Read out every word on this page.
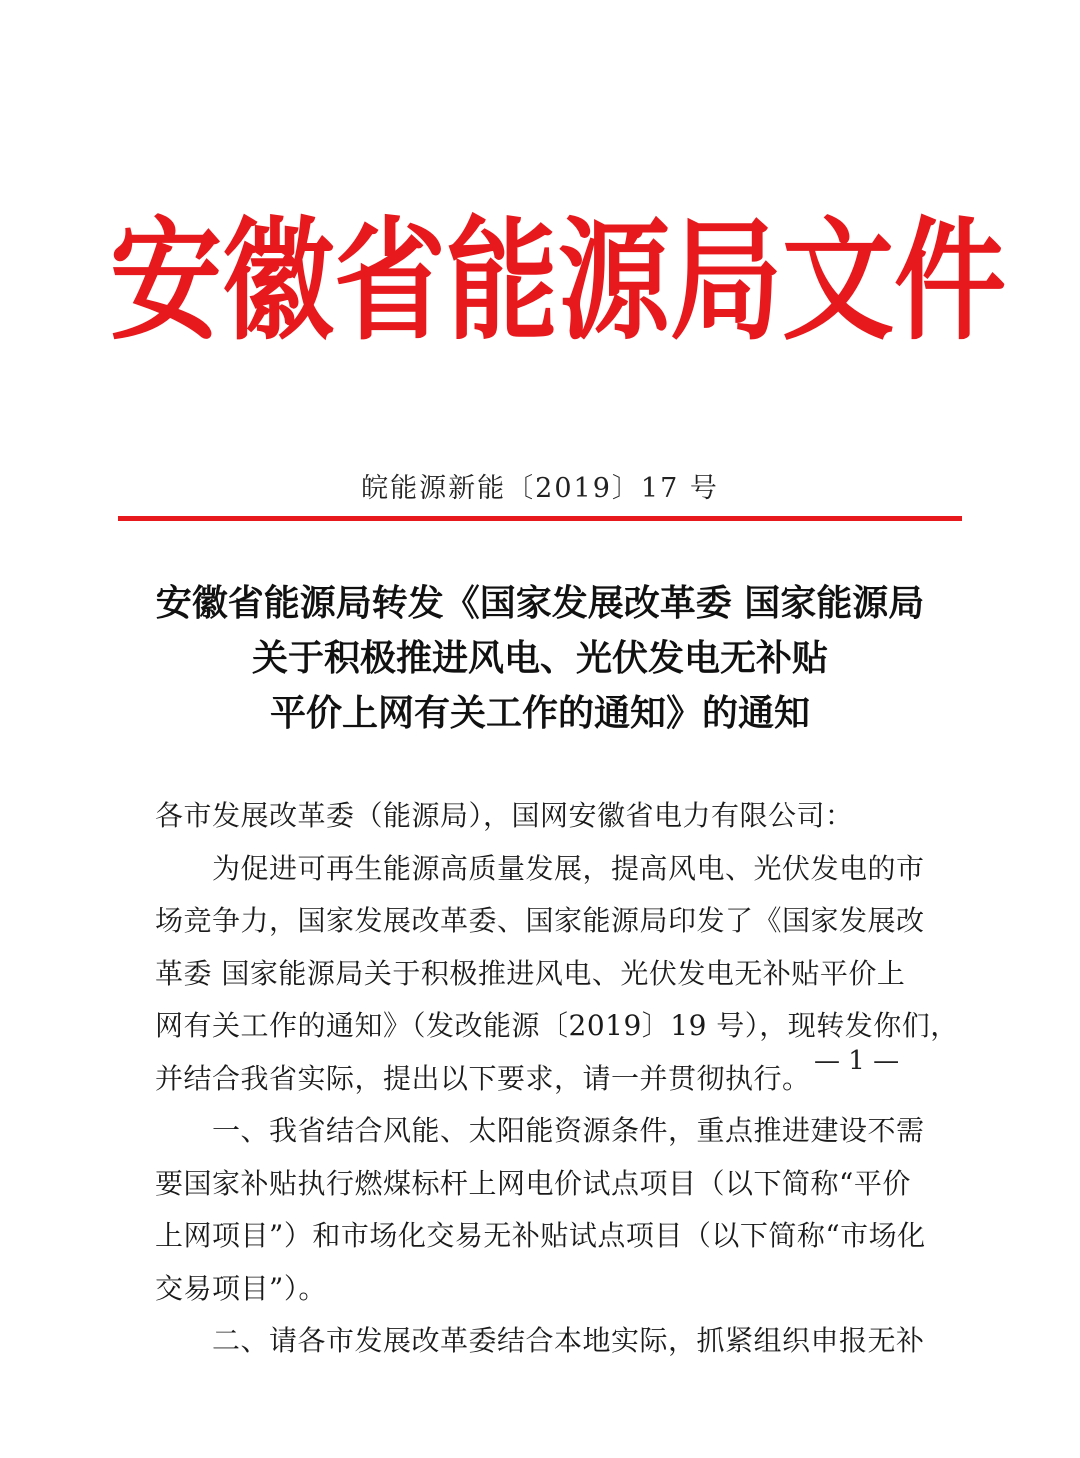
安 徽 省 能 源 局 文 件
皖能源新能〔2019〕17 号
安徽省能源局转发《国家发展改革委 国家能源局
关于积极推进风电、光伏发电无补贴
平价上网有关工作的通知》的通知
各市发展改革委（能源局），国网安徽省电力有限公司：
为促进可再生能源高质量发展，提高风电、光伏发电的市
场竞争力，国家发展改革委、国家能源局印发了《国家发展改
革委 国家能源局关于积极推进风电、光伏发电无补贴平价上
网有关工作的通知》（发改能源〔2019〕19 号），现转发你们，
并结合我省实际，提出以下要求，请一并贯彻执行。
一、我省结合风能、太阳能资源条件，重点推进建设不需
要国家补贴执行燃煤标杆上网电价试点项目（以下简称“平价
上网项目”）和市场化交易无补贴试点项目（以下简称“市场化
交易项目”）。
二、请各市发展改革委结合本地实际，抓紧组织申报无补
— 1 —
